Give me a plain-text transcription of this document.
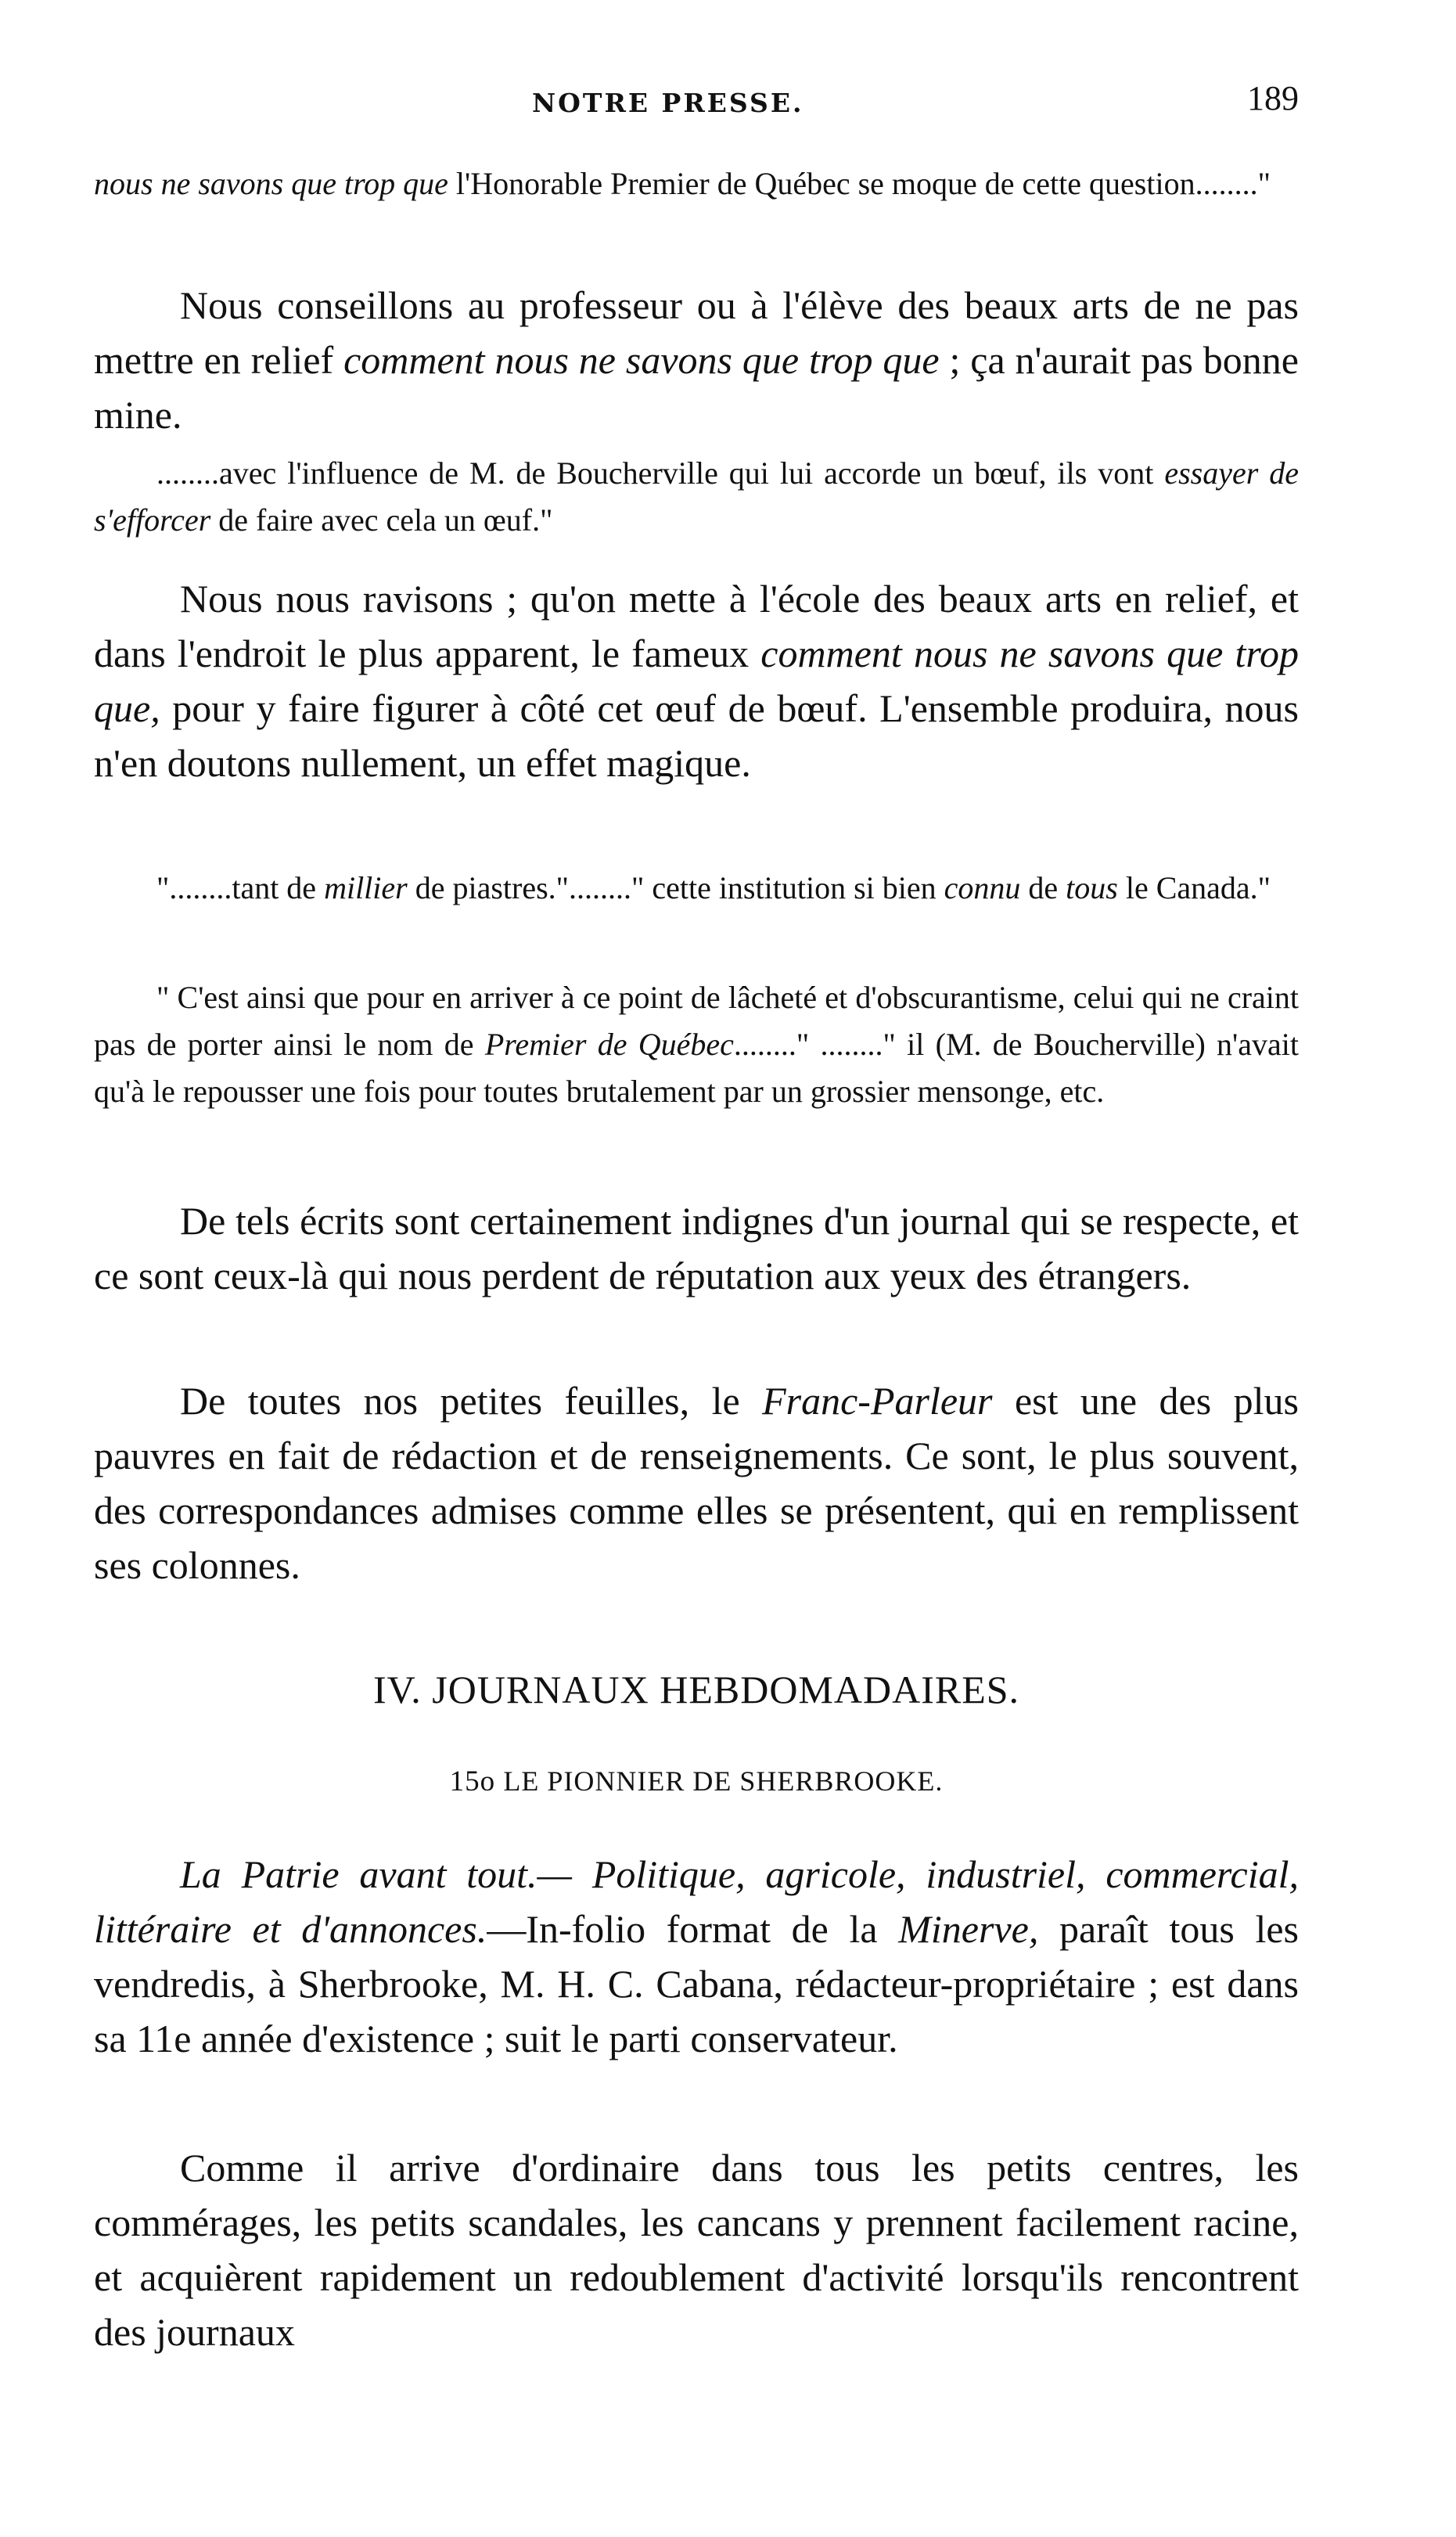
NOTRE PRESSE.	189

nous ne savons que trop que l'Honorable Premier de Québec se moque de cette question........"

Nous conseillons au professeur ou à l'élève des beaux arts de ne pas mettre en relief comment nous ne savons que trop que ; ça n'aurait pas bonne mine.

........avec l'influence de M. de Boucherville qui lui accorde un bœuf, ils vont essayer de s'efforcer de faire avec cela un œuf."

Nous nous ravisons ; qu'on mette à l'école des beaux arts en relief, et dans l'endroit le plus apparent, le fameux comment nous ne savons que trop que, pour y faire figurer à côté cet œuf de bœuf. L'ensemble produira, nous n'en doutons nullement, un effet magique.

"........tant de millier de piastres."........" cette institution si bien connu de tous le Canada."

" C'est ainsi que pour en arriver à ce point de lâcheté et d'obscurantisme, celui qui ne craint pas de porter ainsi le nom de Premier de Québec........" ........" il (M. de Boucherville) n'avait qu'à le repousser une fois pour toutes brutalement par un grossier mensonge, etc.

De tels écrits sont certainement indignes d'un journal qui se respecte, et ce sont ceux-là qui nous perdent de réputation aux yeux des étrangers.

De toutes nos petites feuilles, le Franc-Parleur est une des plus pauvres en fait de rédaction et de renseignements. Ce sont, le plus souvent, des correspondances admises comme elles se présentent, qui en remplissent ses colonnes.

IV. JOURNAUX HEBDOMADAIRES.
15o LE PIONNIER DE SHERBROOKE.

La Patrie avant tout.— Politique, agricole, industriel, commercial, littéraire et d'annonces.—In-folio format de la Minerve, paraît tous les vendredis, à Sherbrooke, M. H. C. Cabana, rédacteur-propriétaire ; est dans sa 11e année d'existence ; suit le parti conservateur.

Comme il arrive d'ordinaire dans tous les petits centres, les commérages, les petits scandales, les cancans y prennent facilement racine, et acquièrent rapidement un redoublement d'activité lorsqu'ils rencontrent des journaux
